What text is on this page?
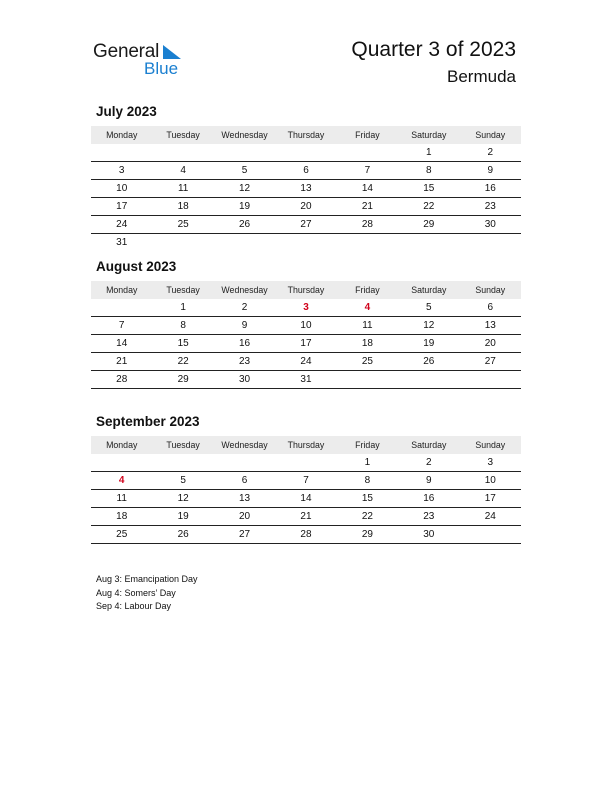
General
Blue
Quarter 3 of 2023
Bermuda
July 2023
Monday	Tuesday	Wednesday	Thursday	Friday	Saturday	Sunday
					1	2
3	4	5	6	7	8	9
10	11	12	13	14	15	16
17	18	19	20	21	22	23
24	25	26	27	28	29	30
31						
August 2023
Monday	Tuesday	Wednesday	Thursday	Friday	Saturday	Sunday
	1	2	3	4	5	6
7	8	9	10	11	12	13
14	15	16	17	18	19	20
21	22	23	24	25	26	27
28	29	30	31			
September 2023
Monday	Tuesday	Wednesday	Thursday	Friday	Saturday	Sunday
				1	2	3
4	5	6	7	8	9	10
11	12	13	14	15	16	17
18	19	20	21	22	23	24
25	26	27	28	29	30	
Aug 3: Emancipation Day
Aug 4: Somers’ Day
Sep 4: Labour Day
